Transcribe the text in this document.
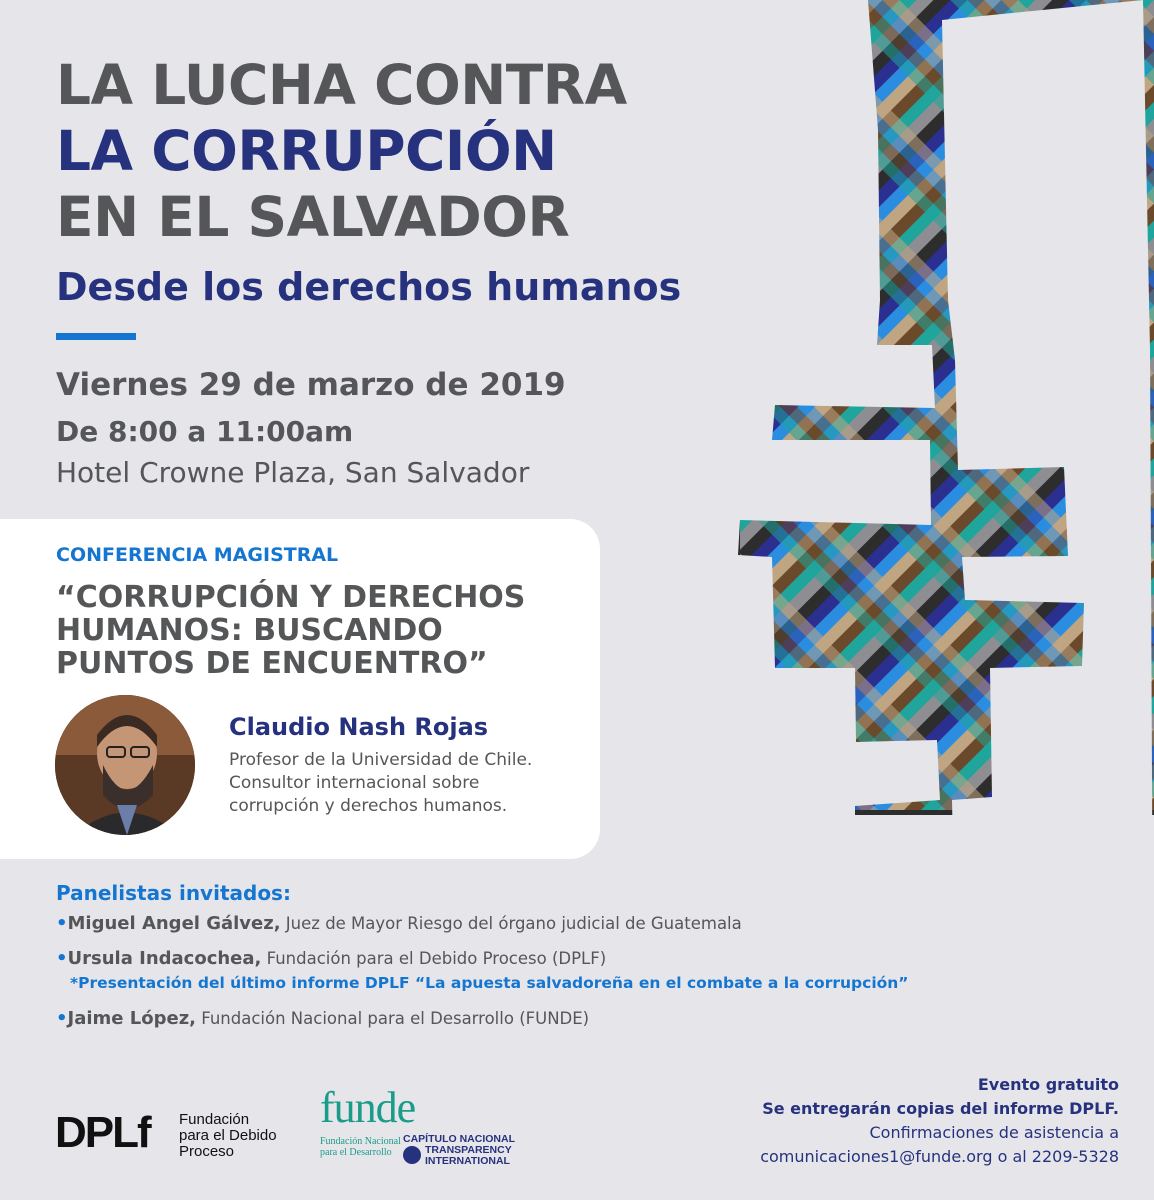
LA LUCHA CONTRA
LA CORRUPCIÓN
EN EL SALVADOR
Desde los derechos humanos
Viernes 29 de marzo de 2019
De 8:00 a 11:00am
Hotel Crowne Plaza, San Salvador
CONFERENCIA MAGISTRAL
“CORRUPCIÓN Y DERECHOS
HUMANOS: BUSCANDO
PUNTOS DE ENCUENTRO”
Claudio Nash Rojas
Profesor de la Universidad de Chile.
Consultor internacional sobre
corrupción y derechos humanos.
Panelistas invitados:
•Miguel Angel Gálvez, Juez de Mayor Riesgo del órgano judicial de Guatemala
•Ursula Indacochea, Fundación para el Debido Proceso (DPLF)
*Presentación del último informe DPLF “La apuesta salvadoreña en el combate a la corrupción”
•Jaime López, Fundación Nacional para el Desarrollo (FUNDE)
DPLf Fundación
para el Debido
Proceso
funde
Fundación Nacional
para el Desarrollo
CAPÍTULO NACIONAL
TRANSPARENCY
INTERNATIONAL
Evento gratuito
Se entregarán copias del informe DPLF.
Confirmaciones de asistencia a
comunicaciones1@funde.org o al 2209-5328
